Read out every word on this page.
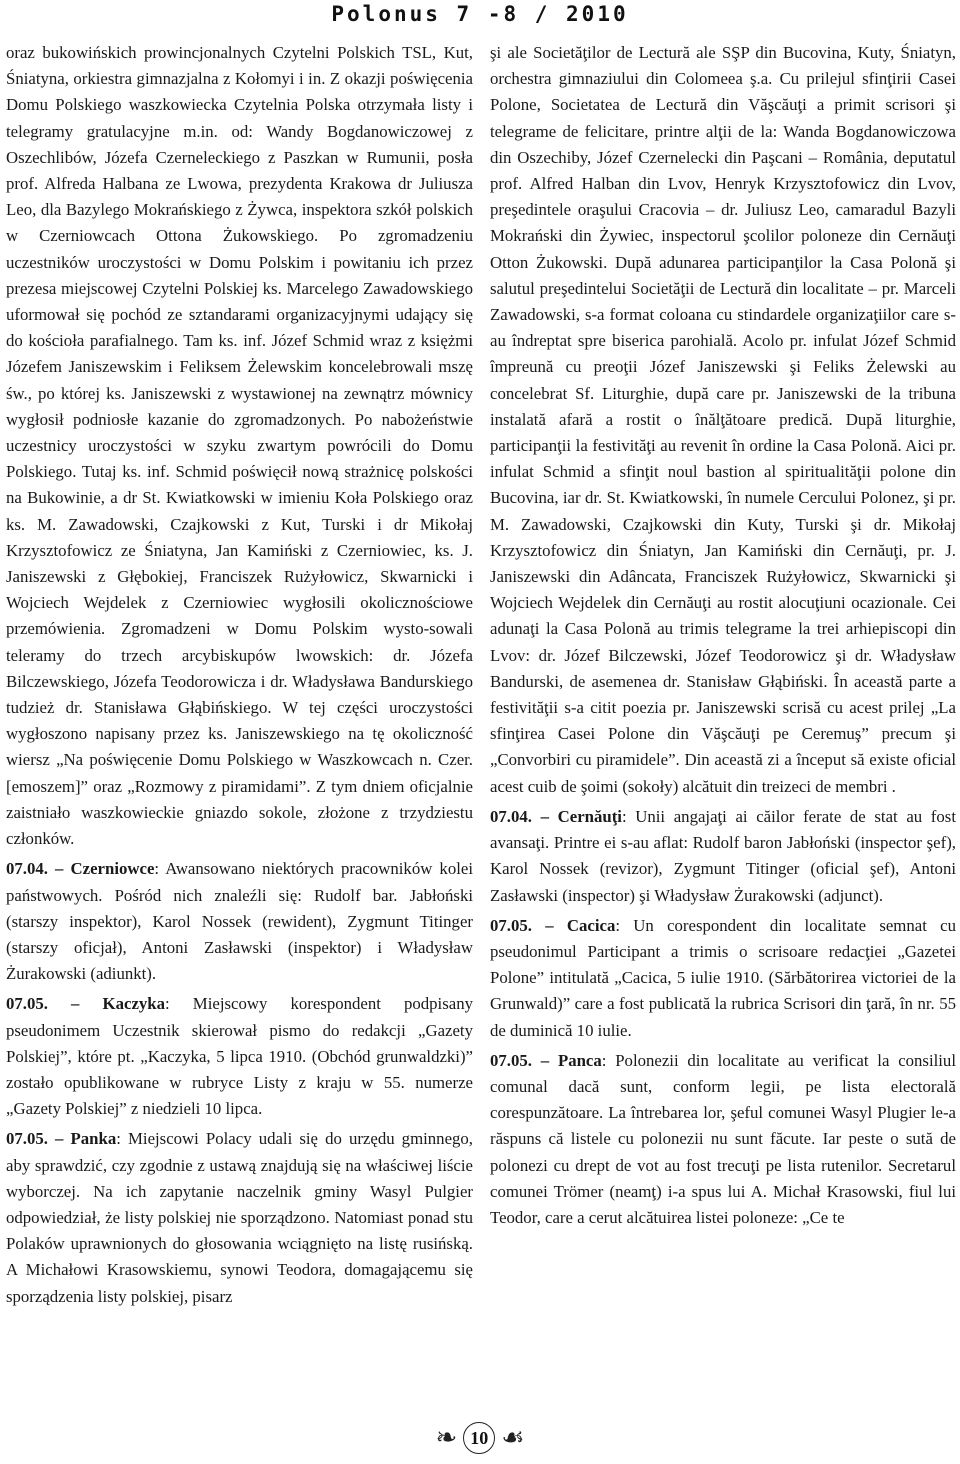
Polonus 7 -8 / 2010

oraz bukowińskich prowincjonalnych Czytelni Polskich TSL, Kut, Śniatyna, orkiestra gimnazjalna z Kołomyi i in. Z okazji poświęcenia Domu Polskiego waszkowiecka Czytelnia Polska otrzymała listy i telegramy gratulacyjne m.in. od: Wandy Bogdanowiczowej z Oszechlibów, Józefa Czerneleckiego z Paszkan w Rumunii, posła prof. Alfreda Halbana ze Lwowa, prezydenta Krakowa dr Juliusza Leo, dla Bazylego Mokrańskiego z Żywca, inspektora szkół polskich w Czerniowcach Ottona Żukowskiego. Po zgromadzeniu uczestników uroczystości w Domu Polskim i powitaniu ich przez prezesa miejscowej Czytelni Polskiej ks. Marcelego Zawadowskiego uformował się pochód ze sztandarami organizacyjnymi udający się do kościoła parafialnego. Tam ks. inf. Józef Schmid wraz z księżmi Józefem Janiszewskim i Feliksem Żelewskim koncelebrowali mszę św., po której ks. Janiszewski z wystawionej na zewnątrz mównicy wygłosił podniosłe kazanie do zgromadzonych. Po nabożeństwie uczestnicy uroczystości w szyku zwartym powrócili do Domu Polskiego. Tutaj ks. inf. Schmid poświęcił nową strażnicę polskości na Bukowinie, a dr St. Kwiatkowski w imieniu Koła Polskiego oraz ks. M. Zawadowski, Czajkowski z Kut, Turski i dr Mikołaj Krzysztofowicz ze Śniatyna, Jan Kamiński z Czerniowiec, ks. J. Janiszewski z Głębokiej, Franciszek Rużyłowicz, Skwarnicki i Wojciech Wejdelek z Czerniowiec wygłosili okolicznościowe przemówienia. Zgromadzeni w Domu Polskim wysto-sowali teleramy do trzech arcybiskupów lwowskich: dr. Józefa Bilczewskiego, Józefa Teodorowicza i dr. Władysława Bandurskiego tudzież dr. Stanisława Głąbińskiego. W tej części uroczystości wygłoszono napisany przez ks. Janiszewskiego na tę okoliczność wiersz „Na poświęcenie Domu Polskiego w Waszkowcach n. Czer. [emoszem]” oraz „Rozmowy z piramidami”. Z tym dniem oficjalnie zaistniało waszkowieckie gniazdo sokole, złożone z trzydziestu członków.

07.04. – Czerniowce: Awansowano niektórych pracowników kolei państwowych. Pośród nich znaleźli się: Rudolf bar. Jabłoński (starszy inspektor), Karol Nossek (rewident), Zygmunt Titinger (starszy oficjał), Antoni Zasławski (inspektor) i Władysław Żurakowski (adiunkt).

07.05. – Kaczyka: Miejscowy korespondent podpisany pseudonimem Uczestnik skierował pismo do redakcji „Gazety Polskiej”, które pt. „Kaczyka, 5 lipca 1910. (Obchód grunwaldzki)” zostało opublikowane w rubryce Listy z kraju w 55. numerze „Gazety Polskiej” z niedzieli 10 lipca.

07.05. – Panka: Miejscowi Polacy udali się do urzędu gminnego, aby sprawdzić, czy zgodnie z ustawą znajdują się na właściwej liście wyborczej. Na ich zapytanie naczelnik gminy Wasyl Pulgier odpowiedział, że listy polskiej nie sporządzono. Natomiast ponad stu Polaków uprawnionych do głosowania wciągnięto na listę rusińską. A Michałowi Krasowskiemu, synowi Teodora, domagającemu się sporządzenia listy polskiej, pisarz

şi ale Societăţilor de Lectură ale SŞP din Bucovina, Kuty, Śniatyn, orchestra gimnaziului din Colomeea ş.a. Cu prilejul sfinţirii Casei Polone, Societatea de Lectură din Văşcăuţi a primit scrisori şi telegrame de felicitare, printre alţii de la: Wanda Bogdanowiczowa din Oszechiby, Józef Czernelecki din Paşcani – România, deputatul prof. Alfred Halban din Lvov, Henryk Krzysztofowicz din Lvov, preşedintele oraşului Cracovia – dr. Juliusz Leo, camaradul Bazyli Mokrański din Żywiec, inspectorul şcolilor poloneze din Cernăuţi Otton Żukowski. După adunarea participanţilor la Casa Polonă şi salutul preşedintelui Societăţii de Lectură din localitate – pr. Marceli Zawadowski, s-a format coloana cu stindardele organizaţiilor care s-au îndreptat spre biserica parohială. Acolo pr. infulat Józef Schmid împreună cu preoţii Józef Janiszewski şi Feliks Żelewski au concelebrat Sf. Liturghie, după care pr. Janiszewski de la tribuna instalată afară a rostit o înălţătoare predică. După liturghie, participanţii la festivităţi au revenit în ordine la Casa Polonă. Aici pr. infulat Schmid a sfinţit noul bastion al spiritualităţii polone din Bucovina, iar dr. St. Kwiatkowski, în numele Cercului Polonez, şi pr. M. Zawadowski, Czajkowski din Kuty, Turski şi dr. Mikołaj Krzysztofowicz din Śniatyn, Jan Kamiński din Cernăuţi, pr. J. Janiszewski din Adâncata, Franciszek Rużyłowicz, Skwarnicki şi Wojciech Wejdelek din Cernăuţi au rostit alocuţiuni ocazionale. Cei adunaţi la Casa Polonă au trimis telegrame la trei arhiepiscopi din Lvov: dr. Józef Bilczewski, Józef Teodorowicz şi dr. Władysław Bandurski, de asemenea dr. Stanisław Głąbiński. În această parte a festivităţii s-a citit poezia pr. Janiszewski scrisă cu acest prilej „La sfinţirea Casei Polone din Văşcăuţi pe Ceremuş” precum şi „Convorbiri cu piramidele”. Din această zi a început să existe oficial acest cuib de şoimi (sokoły) alcătuit din treizeci de membri .

07.04. – Cernăuţi: Unii angajaţi ai căilor ferate de stat au fost avansaţi. Printre ei s-au aflat: Rudolf baron Jabłoński (inspector şef), Karol Nossek (revizor), Zygmunt Titinger (oficial şef), Antoni Zasławski (inspector) şi Władysław Żurakowski (adjunct).

07.05. – Cacica: Un corespondent din localitate semnat cu pseudonimul Participant a trimis o scrisoare redacţiei „Gazetei Polone” intitulată „Cacica, 5 iulie 1910. (Sărbătorirea victoriei de la Grunwald)” care a fost publicată la rubrica Scrisori din ţară, în nr. 55 de duminică 10 iulie.

07.05. – Panca: Polonezii din localitate au verificat la consiliul comunal dacă sunt, conform legii, pe lista electorală corespunzătoare. La întrebarea lor, şeful comunei Wasyl Plugier le-a răspuns că listele cu polonezii nu sunt făcute. Iar peste o sută de polonezi cu drept de vot au fost trecuţi pe lista rutenilor. Secretarul comunei Trömer (neamţ) i-a spus lui A. Michał Krasowski, fiul lui Teodor, care a cerut alcătuirea listei poloneze: „Ce te

❧ 10 ☙
